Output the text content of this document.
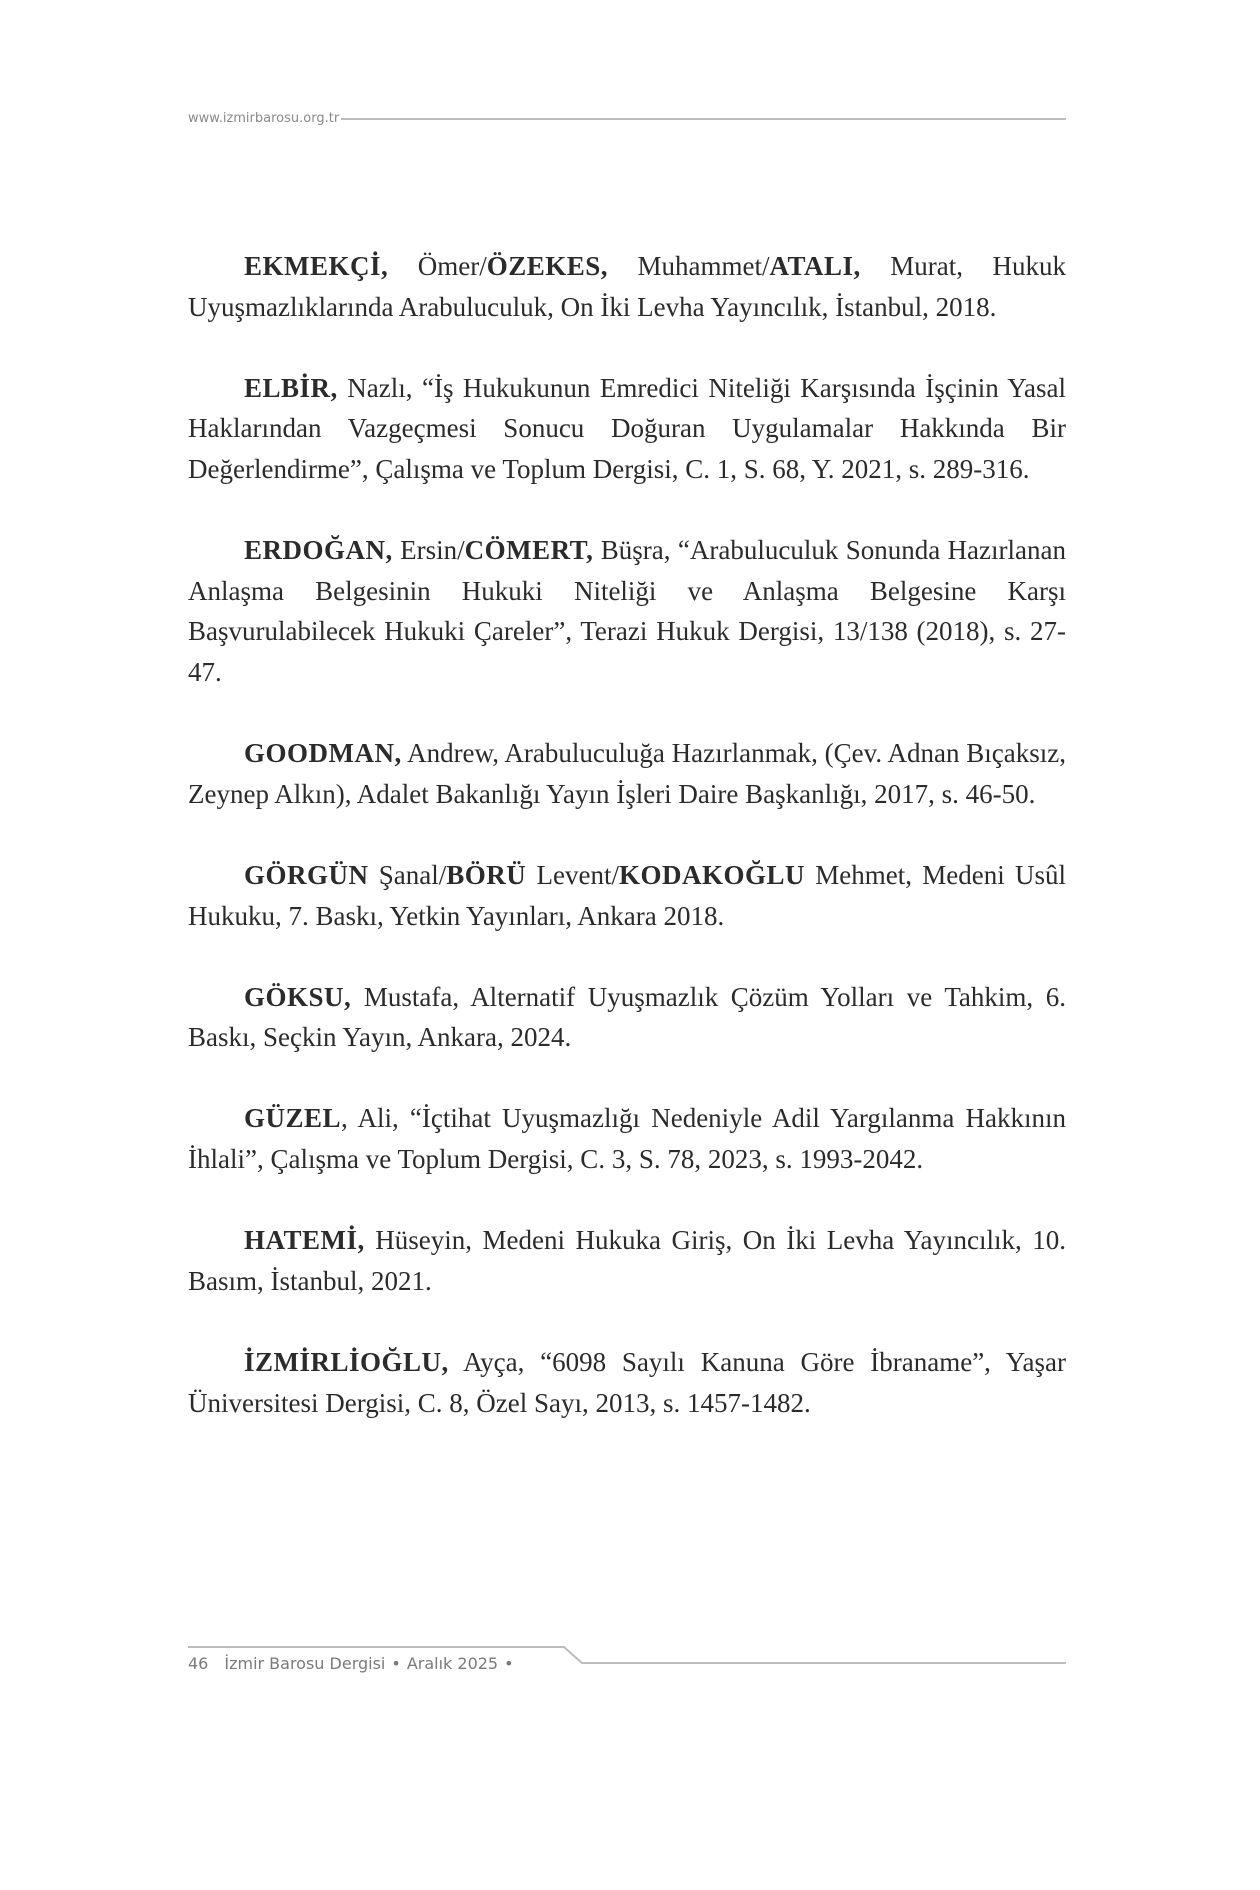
www.izmirbarosu.org.tr

EKMEKÇİ, Ömer/ÖZEKES, Muhammet/ATALI, Murat, Hukuk Uyuşmazlıklarında Arabuluculuk, On İki Levha Yayıncılık, İstanbul, 2018.

ELBİR, Nazlı, “İş Hukukunun Emredici Niteliği Karşısında İşçinin Yasal Haklarından Vazgeçmesi Sonucu Doğuran Uygulamalar Hakkında Bir Değerlendirme”, Çalışma ve Toplum Dergisi, C. 1, S. 68, Y. 2021, s. 289-316.

ERDOĞAN, Ersin/CÖMERT, Büşra, “Arabuluculuk Sonunda Hazırlanan Anlaşma Belgesinin Hukuki Niteliği ve Anlaşma Belgesine Karşı Başvurulabilecek Hukuki Çareler”, Terazi Hukuk Dergisi, 13/138 (2018), s. 27-47.

GOODMAN, Andrew, Arabuluculuğa Hazırlanmak, (Çev. Adnan Bıçaksız, Zeynep Alkın), Adalet Bakanlığı Yayın İşleri Daire Başkanlığı, 2017, s. 46-50.

GÖRGÜN Şanal/BÖRÜ Levent/KODAKOĞLU Mehmet, Medeni Usûl Hukuku, 7. Baskı, Yetkin Yayınları, Ankara 2018.

GÖKSU, Mustafa, Alternatif Uyuşmazlık Çözüm Yolları ve Tahkim, 6. Baskı, Seçkin Yayın, Ankara, 2024.

GÜZEL, Ali, “İçtihat Uyuşmazlığı Nedeniyle Adil Yargılanma Hakkının İhlali”, Çalışma ve Toplum Dergisi, C. 3, S. 78, 2023, s. 1993-2042.

HATEMİ, Hüseyin, Medeni Hukuka Giriş, On İki Levha Yayıncılık, 10. Basım, İstanbul, 2021.

İZMİRLİOĞLU, Ayça, “6098 Sayılı Kanuna Göre İbraname”, Yaşar Üniversitesi Dergisi, C. 8, Özel Sayı, 2013, s. 1457-1482.

46 İzmir Barosu Dergisi • Aralık 2025 •
